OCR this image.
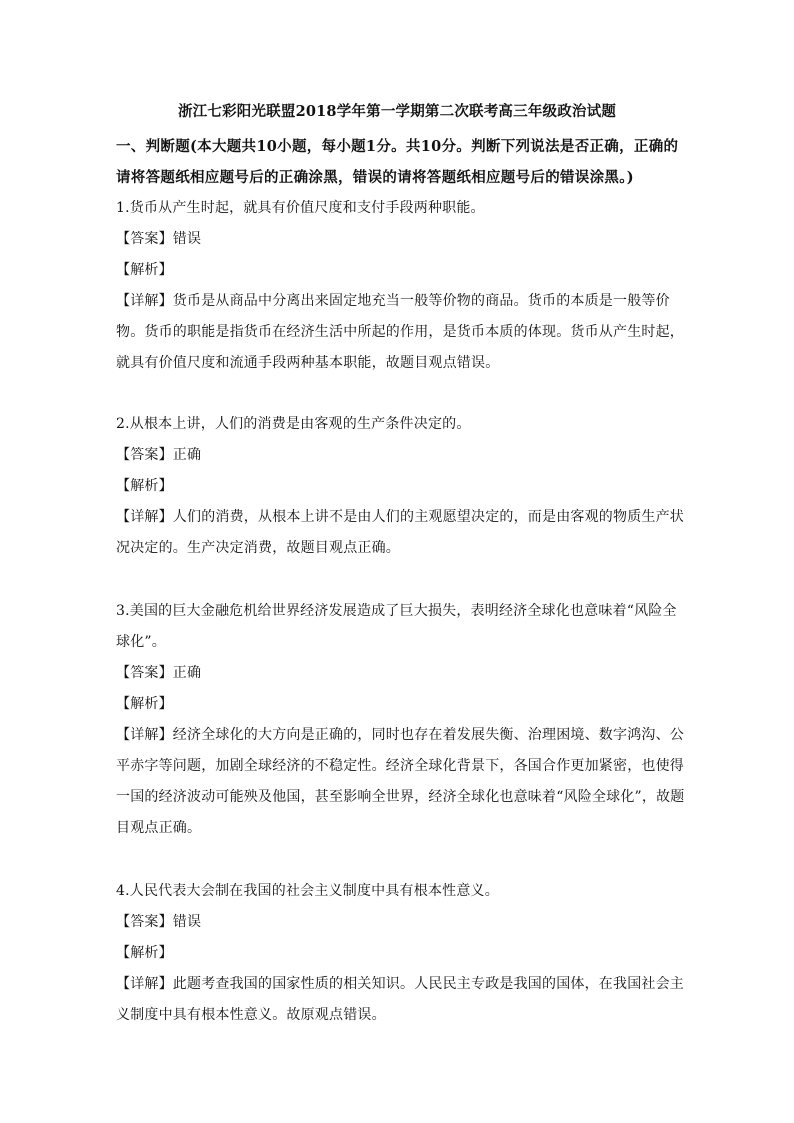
浙江七彩阳光联盟2018学年第一学期第二次联考高三年级政治试题
一、判断题(本大题共10小题，每小题1分。共10分。判断下列说法是否正确，正确的请将答题纸相应题号后的正确涂黑，错误的请将答题纸相应题号后的错误涂黑。)

1.货币从产生时起，就具有价值尺度和支付手段两种职能。

【答案】错误

【解析】

【详解】货币是从商品中分离出来固定地充当一般等价物的商品。货币的本质是一般等价物。货币的职能是指货币在经济生活中所起的作用，是货币本质的体现。货币从产生时起，就具有价值尺度和流通手段两种基本职能，故题目观点错误。

2.从根本上讲，人们的消费是由客观的生产条件决定的。

【答案】正确

【解析】

【详解】人们的消费，从根本上讲不是由人们的主观愿望决定的，而是由客观的物质生产状况决定的。生产决定消费，故题目观点正确。

3.美国的巨大金融危机给世界经济发展造成了巨大损失，表明经济全球化也意味着“风险全球化”。

【答案】正确

【解析】

【详解】经济全球化的大方向是正确的，同时也存在着发展失衡、治理困境、数字鸿沟、公平赤字等问题，加剧全球经济的不稳定性。经济全球化背景下，各国合作更加紧密，也使得一国的经济波动可能殃及他国，甚至影响全世界，经济全球化也意味着“风险全球化”，故题目观点正确。

4.人民代表大会制在我国的社会主义制度中具有根本性意义。

【答案】错误

【解析】

【详解】此题考查我国的国家性质的相关知识。人民民主专政是我国的国体，在我国社会主义制度中具有根本性意义。故原观点错误。
